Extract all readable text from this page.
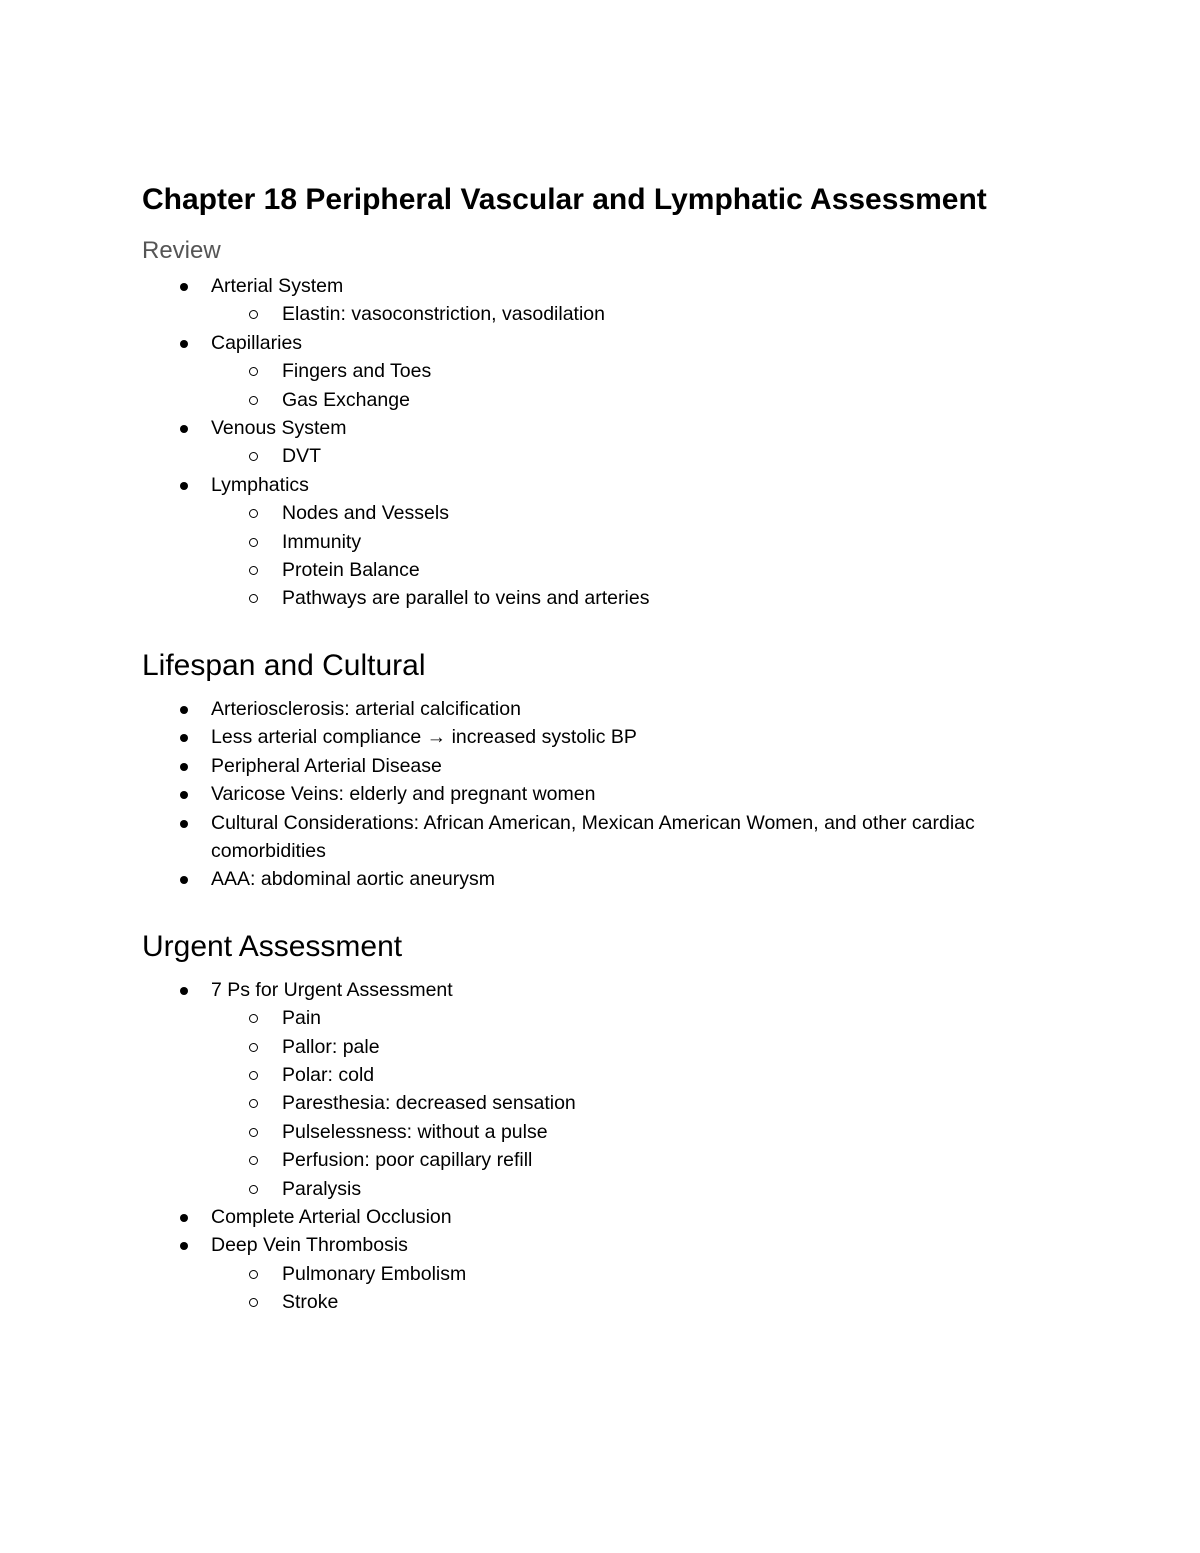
Chapter 18 Peripheral Vascular and Lymphatic Assessment
Review
Arterial System
Elastin: vasoconstriction, vasodilation
Capillaries
Fingers and Toes
Gas Exchange
Venous System
DVT
Lymphatics
Nodes and Vessels
Immunity
Protein Balance
Pathways are parallel to veins and arteries
Lifespan and Cultural
Arteriosclerosis: arterial calcification
Less arterial compliance → increased systolic BP
Peripheral Arterial Disease
Varicose Veins: elderly and pregnant women
Cultural Considerations: African American, Mexican American Women, and other cardiac comorbidities
AAA: abdominal aortic aneurysm
Urgent Assessment
7 Ps for Urgent Assessment
Pain
Pallor: pale
Polar: cold
Paresthesia: decreased sensation
Pulselessness: without a pulse
Perfusion: poor capillary refill
Paralysis
Complete Arterial Occlusion
Deep Vein Thrombosis
Pulmonary Embolism
Stroke
